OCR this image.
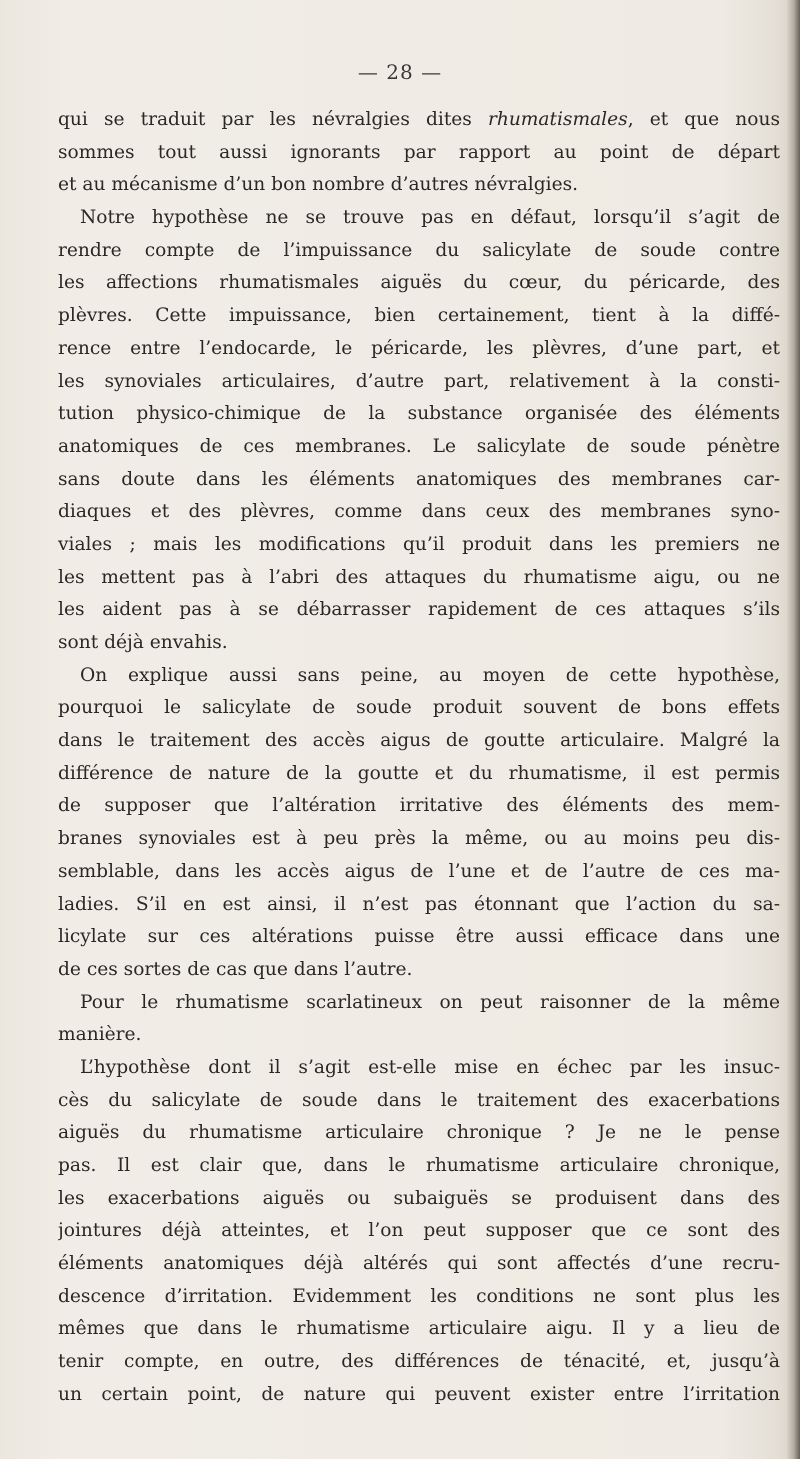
— 28 —
qui se traduit par les névralgies dites rhumatismales, et que nous
sommes tout aussi ignorants par rapport au point de départ
et au mécanisme d’un bon nombre d’autres névralgies.
Notre hypothèse ne se trouve pas en défaut, lorsqu’il s’agit de
rendre compte de l’impuissance du salicylate de soude contre
les affections rhumatismales aiguës du cœur, du péricarde, des
plèvres. Cette impuissance, bien certainement, tient à la diffé-
rence entre l’endocarde, le péricarde, les plèvres, d’une part, et
les synoviales articulaires, d’autre part, relativement à la consti-
tution physico-chimique de la substance organisée des éléments
anatomiques de ces membranes. Le salicylate de soude pénètre
sans doute dans les éléments anatomiques des membranes car-
diaques et des plèvres, comme dans ceux des membranes syno-
viales ; mais les modifications qu’il produit dans les premiers ne
les mettent pas à l’abri des attaques du rhumatisme aigu, ou ne
les aident pas à se débarrasser rapidement de ces attaques s’ils
sont déjà envahis.
On explique aussi sans peine, au moyen de cette hypothèse,
pourquoi le salicylate de soude produit souvent de bons effets
dans le traitement des accès aigus de goutte articulaire. Malgré la
différence de nature de la goutte et du rhumatisme, il est permis
de supposer que l’altération irritative des éléments des mem-
branes synoviales est à peu près la même, ou au moins peu dis-
semblable, dans les accès aigus de l’une et de l’autre de ces ma-
ladies. S’il en est ainsi, il n’est pas étonnant que l’action du sa-
licylate sur ces altérations puisse être aussi efficace dans une
de ces sortes de cas que dans l’autre.
Pour le rhumatisme scarlatineux on peut raisonner de la même
manière.
L’hypothèse dont il s’agit est-elle mise en échec par les insuc-
cès du salicylate de soude dans le traitement des exacerbations
aiguës du rhumatisme articulaire chronique ? Je ne le pense
pas. Il est clair que, dans le rhumatisme articulaire chronique,
les exacerbations aiguës ou subaiguës se produisent dans des
jointures déjà atteintes, et l’on peut supposer que ce sont des
éléments anatomiques déjà altérés qui sont affectés d’une recru-
descence d’irritation. Evidemment les conditions ne sont plus les
mêmes que dans le rhumatisme articulaire aigu. Il y a lieu de
tenir compte, en outre, des différences de ténacité, et, jusqu’à
un certain point, de nature qui peuvent exister entre l’irritation
